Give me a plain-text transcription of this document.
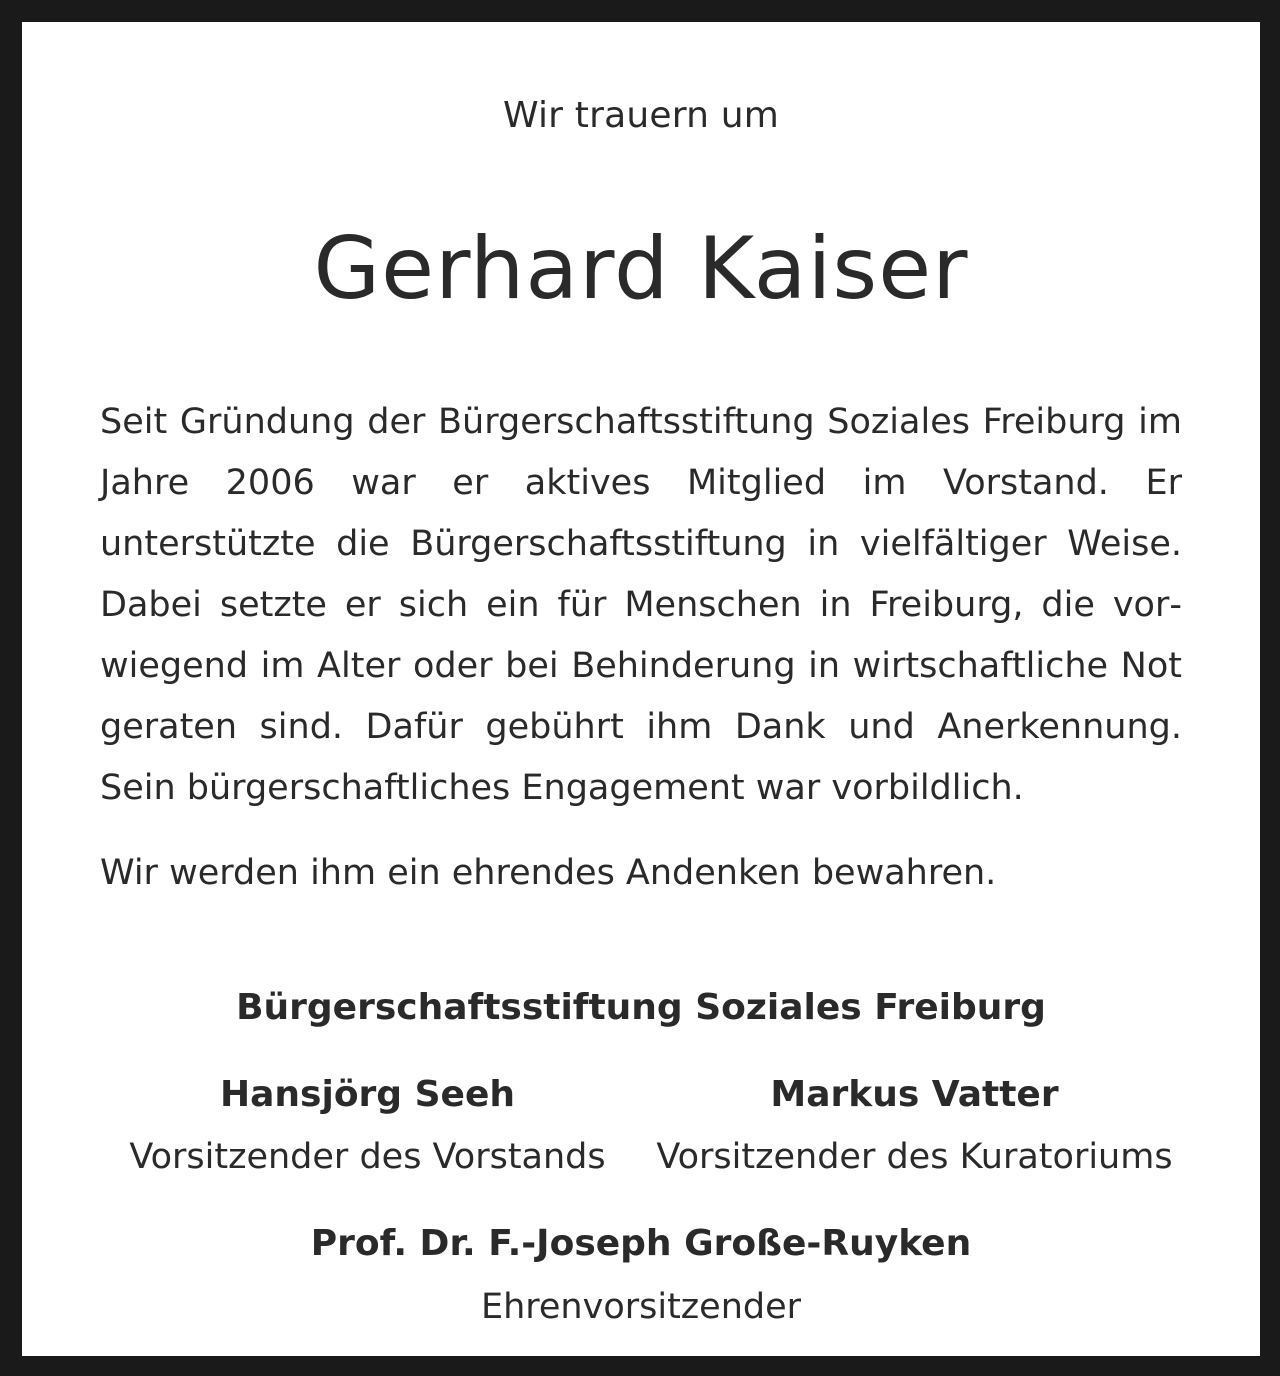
Wir trauern um
Gerhard Kaiser

Seit Gründung der Bürgerschaftsstiftung Soziales Freiburg im Jahre 2006 war er aktives Mitglied im Vorstand. Er unterstützte die Bürgerschaftsstiftung in vielfältiger Weise. Dabei setzte er sich ein für Menschen in Freiburg, die vorwiegend im Alter oder bei Behinderung in wirtschaftliche Not geraten sind. Dafür gebührt ihm Dank und Anerkennung. Sein bürgerschaftliches Engagement war vorbildlich.

Wir werden ihm ein ehrendes Andenken bewahren.

Bürgerschaftsstiftung Soziales Freiburg
Hansjörg Seeh
Vorsitzender des Vorstands
Markus Vatter
Vorsitzender des Kuratoriums
Prof. Dr. F.-Joseph Große-Ruyken
Ehrenvorsitzender
